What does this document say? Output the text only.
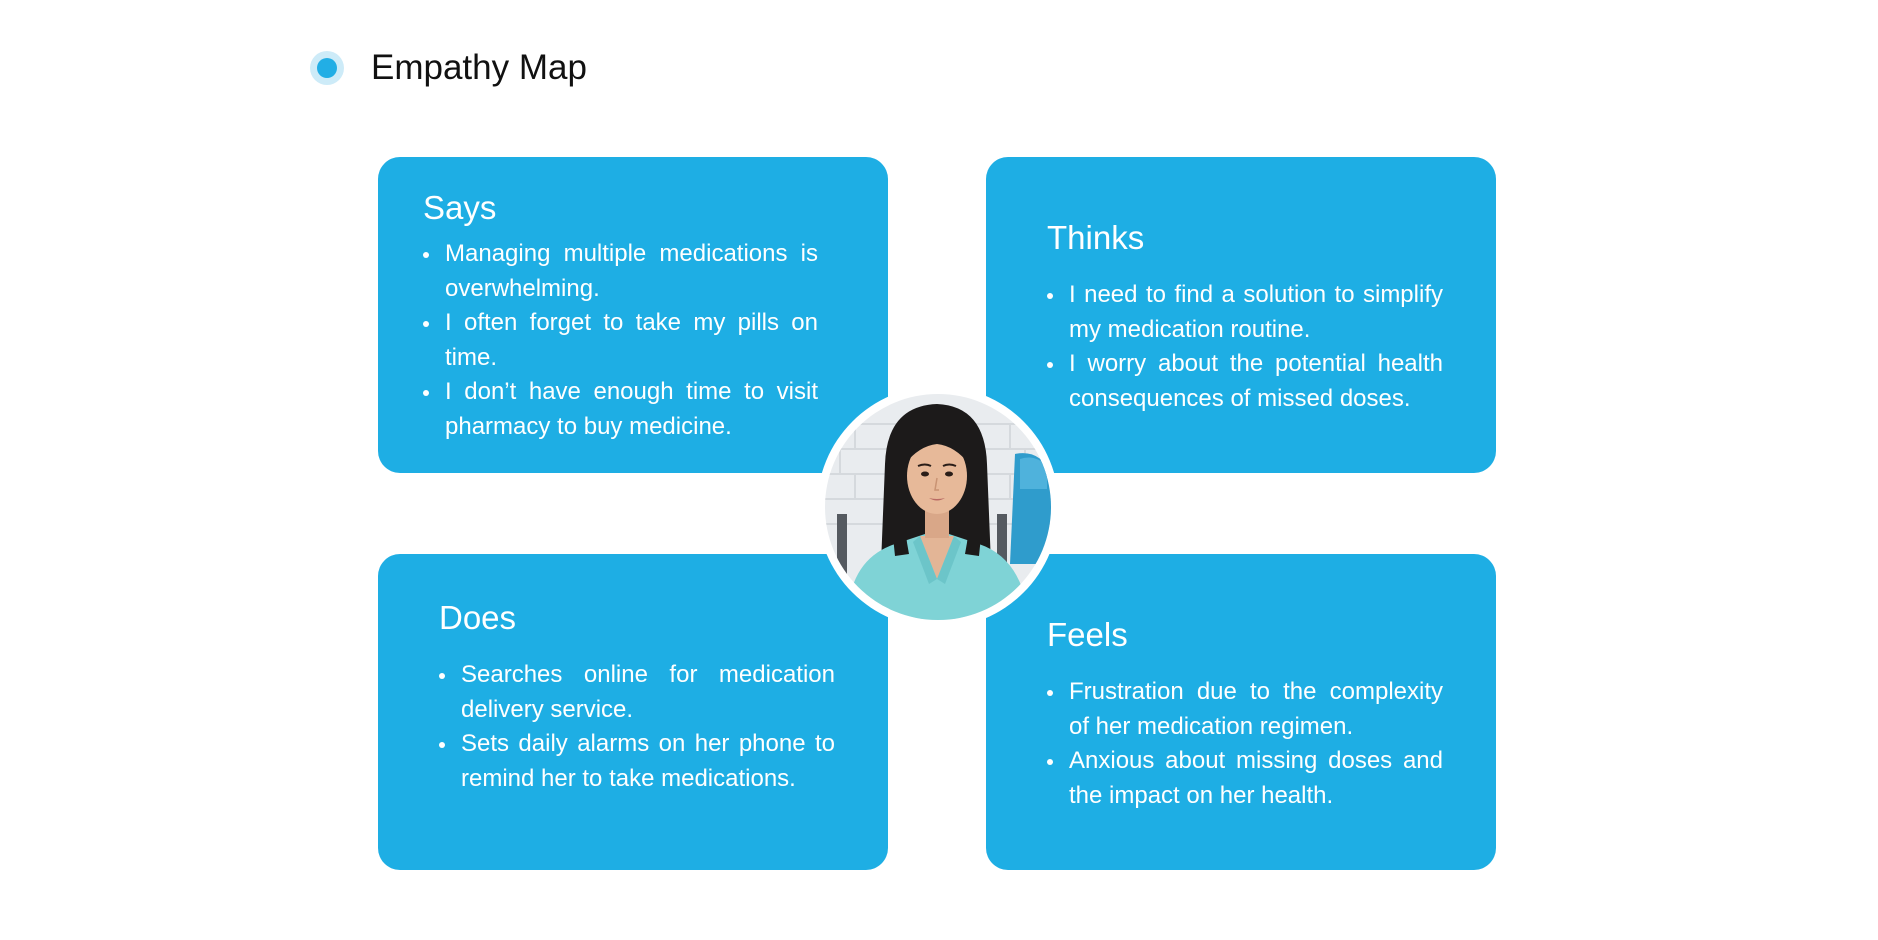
Empathy Map
Says
Managing multiple medications is overwhelming.
I often forget to take my pills on time.
I don’t have enough time to visit pharmacy to buy medicine.
Thinks
I need to find a solution to simplify my medication routine.
I worry about the potential health consequences of missed doses.
Does
Searches online for medication delivery service.
Sets daily alarms on her phone to remind her to take medications.
Feels
Frustration due to the complexity of her medication regimen.
Anxious about missing doses and the impact on her health.
